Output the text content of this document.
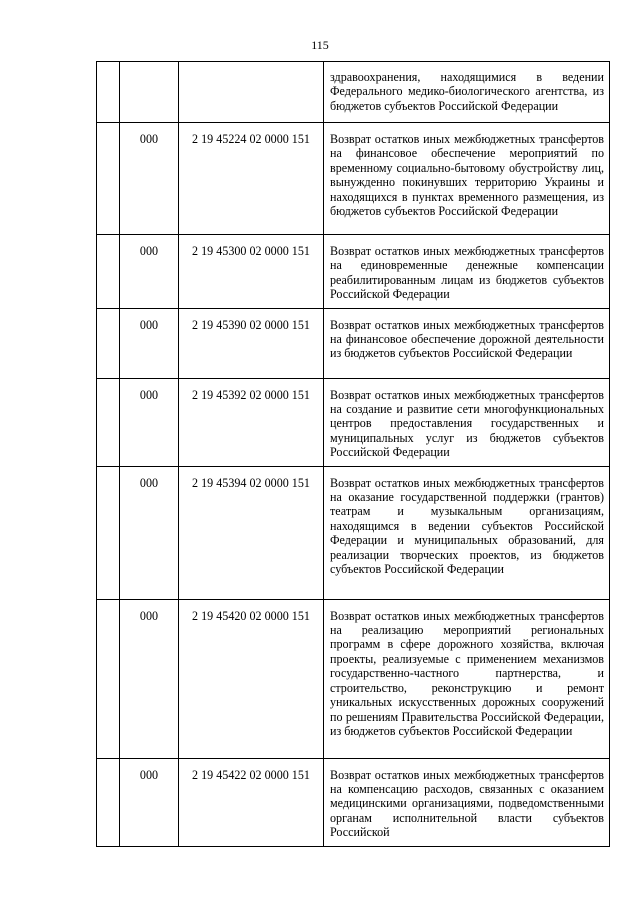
115
			здравоохранения, находящимися в ведении Федерального медико-биологического агентства, из бюджетов субъектов Российской Федерации
	000	2 19 45224 02 0000 151	Возврат остатков иных межбюджетных трансфертов на финансовое обеспечение мероприятий по временному социально-бытовому обустройству лиц, вынужденно покинувших территорию Украины и находящихся в пунктах временного размещения, из бюджетов субъектов Российской Федерации
	000	2 19 45300 02 0000 151	Возврат остатков иных межбюджетных трансфертов на единовременные денежные компенсации реабилитированным лицам из бюджетов субъектов Российской Федерации
	000	2 19 45390 02 0000 151	Возврат остатков иных межбюджетных трансфертов на финансовое обеспечение дорожной деятельности из бюджетов субъектов Российской Федерации
	000	2 19 45392 02 0000 151	Возврат остатков иных межбюджетных трансфертов на создание и развитие сети многофункциональных центров предоставления государственных и муниципальных услуг из бюджетов субъектов Российской Федерации
	000	2 19 45394 02 0000 151	Возврат остатков иных межбюджетных трансфертов на оказание государственной поддержки (грантов) театрам и музыкальным организациям, находящимся в ведении субъектов Российской Федерации и муниципальных образований, для реализации творческих проектов, из бюджетов субъектов Российской Федерации
	000	2 19 45420 02 0000 151	Возврат остатков иных межбюджетных трансфертов на реализацию мероприятий региональных программ в сфере дорожного хозяйства, включая проекты, реализуемые с применением механизмов государственно-частного партнерства, и строительство, реконструкцию и ремонт уникальных искусственных дорожных сооружений по решениям Правительства Российской Федерации, из бюджетов субъектов Российской Федерации
	000	2 19 45422 02 0000 151	Возврат остатков иных межбюджетных трансфертов на компенсацию расходов, связанных с оказанием медицинскими организациями, подведомственными органам исполнительной власти субъектов Российской
